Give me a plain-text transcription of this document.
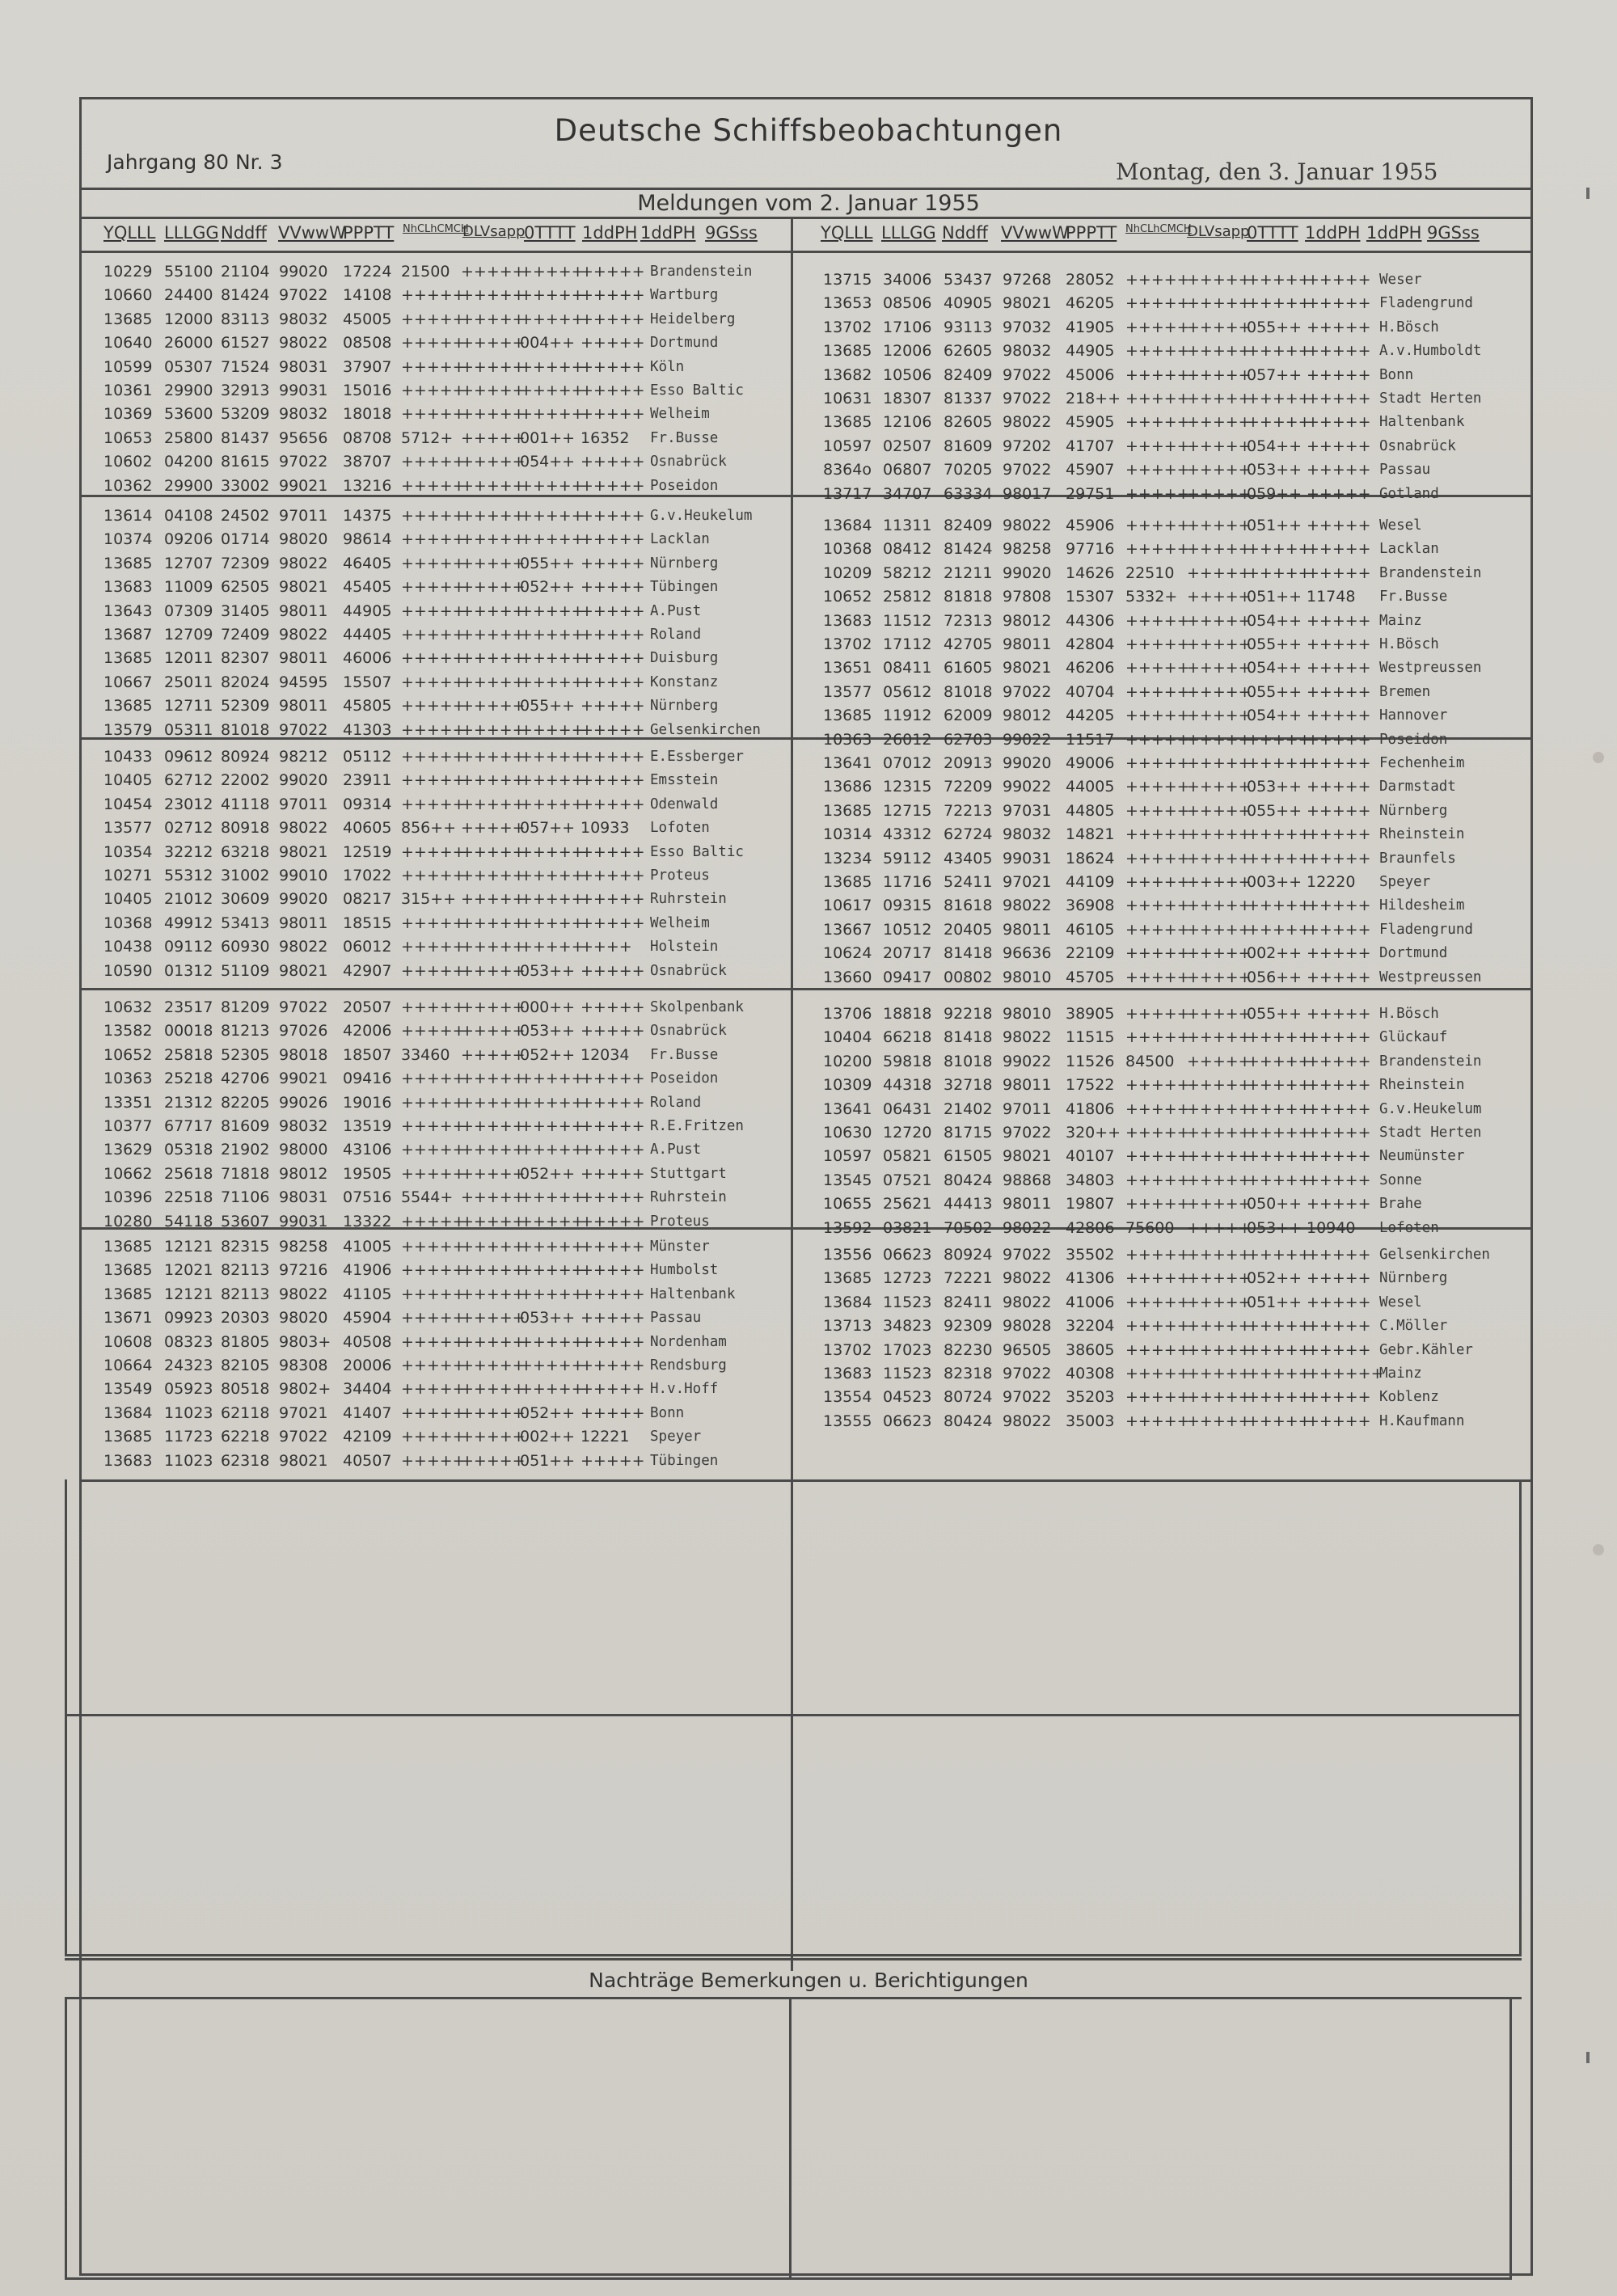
Deutsche Schiffsbeobachtungen
Jahrgang 80 Nr. 3	Montag, den 3. Januar 1955
Meldungen vom 2. Januar 1955
YQLLL LLLGG Nddff VVwwW
PPPTT NhCLhCMCH
DLVsapp
0TTTT 1ddPH 1ddPH 9GSss	YQLLL LLLGG Nddff VVwwW
PPPTT NhCLhCMCH
DLVsapp
0TTTT 1ddPH 1ddPH 9GSss
10229 55100 21104 99020 17224 21500 +++++
+++++
+++++ Brandenstein
10660 24400 81424 97022 14108 +++++
+++++
+++++
+++++ Wartburg
13685 12000 83113 98032 45005 +++++
+++++
+++++
+++++ Heidelberg
10640 26000 61527 98022 08508 +++++
+++++
004++ +++++ Dortmund
10599 05307 71524 98031 37907 +++++
+++++
+++++
+++++ Köln
10361 29900 32913 99031 15016 +++++
+++++
+++++
+++++ Esso Baltic
10369 53600 53209 98032 18018 +++++
+++++
+++++
+++++ Welheim
10653 25800 81437 95656 08708 5712+ +++++
001++ 16352 Fr.Busse
10602 04200 81615 97022 38707 +++++
+++++
054++ +++++ Osnabrück
10362 29900 33002 99021 13216 +++++
+++++
+++++
+++++ Poseidon
13614 04108 24502 97011 14375 +++++
+++++
+++++
+++++ G.v.Heukelum
10374 09206 01714 98020 98614 +++++
+++++
+++++
+++++ Lacklan
13685 12707 72309 98022 46405 +++++
+++++
055++ +++++ Nürnberg
13683 11009 62505 98021 45405 +++++
+++++
052++ +++++ Tübingen
13643 07309 31405 98011 44905 +++++
+++++
+++++
+++++ A.Pust
13687 12709 72409 98022 44405 +++++
+++++
+++++
+++++ Roland
13685 12011 82307 98011 46006 +++++
+++++
+++++
+++++ Duisburg
10667 25011 82024 94595 15507 +++++
+++++
+++++
+++++ Konstanz
13685 12711 52309 98011 45805 +++++
+++++
055++ +++++ Nürnberg
13579 05311 81018 97022 41303 +++++
+++++
+++++
+++++ Gelsenkirchen
10433 09612 80924 98212 05112 +++++
+++++
+++++
+++++ E.Essberger
10405 62712 22002 99020 23911 +++++
+++++
+++++
+++++ Emsstein
10454 23012 41118 97011 09314 +++++
+++++
+++++
+++++ Odenwald
13577 02712 80918 98022 40605 856++ +++++
057++ 10933 Lofoten
10354 32212 63218 98021 12519 +++++
+++++
+++++
+++++ Esso Baltic
10271 55312 31002 99010 17022 +++++
+++++
+++++
+++++ Proteus
10405 21012 30609 99020 08217 315++ +++++
+++++
+++++ Ruhrstein
10368 49912 53413 98011 18515 +++++
+++++
+++++
+++++ Welheim
10438 09112 60930 98022 06012 +++++
+++++
+++++
++++ Holstein
10590 01312 51109 98021 42907 +++++
+++++
053++ +++++ Osnabrück
10632 23517 81209 97022 20507 +++++
+++++
000++ +++++ Skolpenbank
13582 00018 81213 97026 42006 +++++
+++++
053++ +++++ Osnabrück
10652 25818 52305 98018 18507 33460 +++++
052++ 12034 Fr.Busse
10363 25218 42706 99021 09416 +++++
+++++
+++++
+++++ Poseidon
13351 21312 82205 99026 19016 +++++
+++++
+++++
+++++ Roland
10377 67717 81609 98032 13519 +++++
+++++
+++++
+++++ R.E.Fritzen
13629 05318 21902 98000 43106 +++++
+++++
+++++
+++++ A.Pust
10662 25618 71818 98012 19505 +++++
+++++
052++ +++++ Stuttgart
10396 22518 71106 98031 07516 5544+ +++++
+++++
+++++ Ruhrstein
10280 54118 53607 99031 13322 +++++
+++++
+++++
+++++ Proteus
13685 12121 82315 98258 41005 +++++
+++++
+++++
+++++ Münster
13685 12021 82113 97216 41906 +++++
+++++
+++++
+++++ Humbolst
13685 12121 82113 98022 41105 +++++
+++++
+++++
+++++ Haltenbank
13671 09923 20303 98020 45904 +++++
+++++
053++ +++++ Passau
10608 08323 81805 9803+ 40508 +++++
+++++
+++++
+++++ Nordenham
10664 24323 82105 98308 20006 +++++
+++++
+++++
+++++ Rendsburg
13549 05923 80518 9802+ 34404 +++++
+++++
+++++
+++++ H.v.Hoff
13684 11023 62118 97021 41407 +++++
+++++
052++ +++++ Bonn
13685 11723 62218 97022 42109 +++++
+++++
002++ 12221 Speyer
13683 11023 62318 98021 40507 +++++
+++++
051++ +++++ Tübingen
13715 34006 53437 97268 28052 +++++
+++++
+++++
+++++ Weser
13653 08506 40905 98021 46205 +++++
+++++
+++++
+++++ Fladengrund
13702 17106 93113 97032 41905 +++++
+++++
055++ +++++ H.Bösch
13685 12006 62605 98032 44905 +++++
+++++
+++++
+++++ A.v.Humboldt
13682 10506 82409 97022 45006 +++++
+++++
057++ +++++ Bonn
10631 18307 81337 97022 218++ +++++
+++++
+++++
+++++ Stadt Herten
13685 12106 82605 98022 45905 +++++
+++++
+++++
+++++ Haltenbank
10597 02507 81609 97202 41707 +++++
+++++
054++ +++++ Osnabrück
8364o 06807 70205 97022 45907 +++++
+++++
053++ +++++ Passau
13717 34707 63334 98017 29751 +++++
+++++
059++ +++++ Gotland
13684 11311 82409 98022 45906 +++++
+++++
051++ +++++ Wesel
10368 08412 81424 98258 97716 +++++
+++++
+++++
+++++ Lacklan
10209 58212 21211 99020 14626 22510 +++++
+++++
+++++ Brandenstein
10652 25812 81818 97808 15307 5332+ +++++
051++ 11748 Fr.Busse
13683 11512 72313 98012 44306 +++++
+++++
054++ +++++ Mainz
13702 17112 42705 98011 42804 +++++
+++++
055++ +++++ H.Bösch
13651 08411 61605 98021 46206 +++++
+++++
054++ +++++ Westpreussen
13577 05612 81018 97022 40704 +++++
+++++
055++ +++++ Bremen
13685 11912 62009 98012 44205 +++++
+++++
054++ +++++ Hannover
10363 26012 62703 99022 11517 +++++
+++++
+++++
+++++ Poseidon
13641 07012 20913 99020 49006 +++++
+++++
+++++
+++++ Fechenheim
13686 12315 72209 99022 44005 +++++
+++++
053++ +++++ Darmstadt
13685 12715 72213 97031 44805 +++++
+++++
055++ +++++ Nürnberg
10314 43312 62724 98032 14821 +++++
+++++
+++++
+++++ Rheinstein
13234 59112 43405 99031 18624 +++++
+++++
+++++
+++++ Braunfels
13685 11716 52411 97021 44109 +++++
+++++
003++ 12220 Speyer
10617 09315 81618 98022 36908 +++++
+++++
+++++
+++++ Hildesheim
13667 10512 20405 98011 46105 +++++
+++++
+++++
+++++ Fladengrund
10624 20717 81418 96636 22109 +++++
+++++
002++ +++++ Dortmund
13660 09417 00802 98010 45705 +++++
+++++
056++ +++++ Westpreussen
13706 18818 92218 98010 38905 +++++
+++++
055++ +++++ H.Bösch
10404 66218 81418 98022 11515 +++++
+++++
+++++
+++++ Glückauf
10200 59818 81018 99022 11526 84500 +++++
+++++
+++++ Brandenstein
10309 44318 32718 98011 17522 +++++
+++++
+++++
+++++ Rheinstein
13641 06431 21402 97011 41806 +++++
+++++
+++++
+++++ G.v.Heukelum
10630 12720 81715 97022 320++ +++++
+++++
+++++
+++++ Stadt Herten
10597 05821 61505 98021 40107 +++++
+++++
+++++
+++++ Neumünster
13545 07521 80424 98868 34803 +++++
+++++
+++++
+++++ Sonne
10655 25621 44413 98011 19807 +++++
+++++
050++ +++++ Brahe
13592 03821 70502 98022 42806 75600 +++++
053++ 10940 Lofoten
13556 06623 80924 97022 35502 +++++
+++++
+++++
+++++ Gelsenkirchen
13685 12723 72221 98022 41306 +++++
+++++
052++ +++++ Nürnberg
13684 11523 82411 98022 41006 +++++
+++++
051++ +++++ Wesel
13713 34823 92309 98028 32204 +++++
+++++
+++++
+++++ C.Möller
13702 17023 82230 96505 38605 +++++
+++++
+++++
+++++ Gebr.Kähler
13683 11523 82318 97022 40308 +++++
+++++
+++++
++++++
Mainz
13554 04523 80724 97022 35203 +++++
+++++
+++++
+++++ Koblenz
13555 06623 80424 98022 35003 +++++
+++++
+++++
+++++ H.Kaufmann
Nachträge Bemerkungen u. Berichtigungen
